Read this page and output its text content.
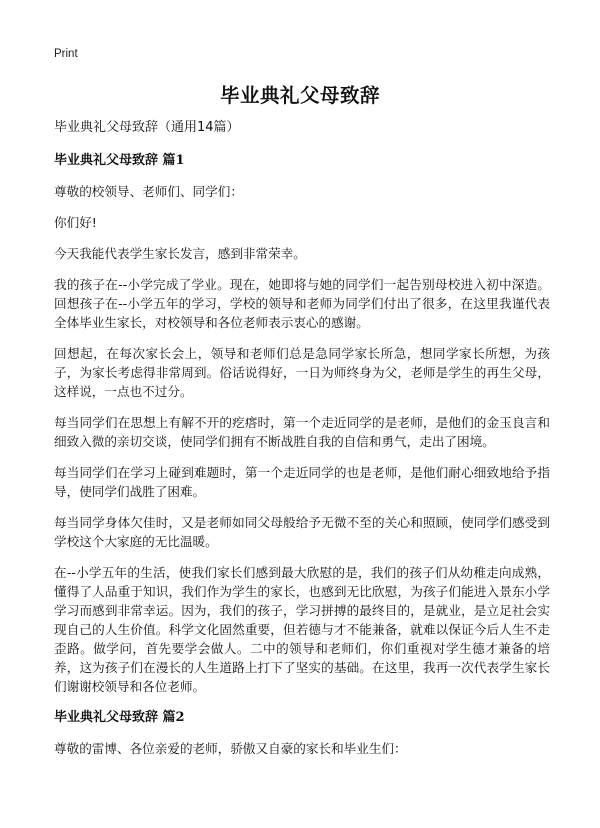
Print
毕业典礼父母致辞
毕业典礼父母致辞（通用14篇）
毕业典礼父母致辞 篇1

尊敬的校领导、老师们、同学们：

你们好!

今天我能代表学生家长发言，感到非常荣幸。

我的孩子在--小学完成了学业。现在，她即将与她的同学们一起告别母校进入初中深造。回想孩子在--小学五年的学习，学校的领导和老师为同学们付出了很多，在这里我谨代表全体毕业生家长，对校领导和各位老师表示衷心的感谢。

回想起，在每次家长会上，领导和老师们总是急同学家长所急，想同学家长所想，为孩子，为家长考虑得非常周到。俗话说得好，一日为师终身为父，老师是学生的再生父母，这样说，一点也不过分。

每当同学们在思想上有解不开的疙瘩时，第一个走近同学的是老师，是他们的金玉良言和细致入微的亲切交谈，使同学们拥有不断战胜自我的自信和勇气，走出了困境。

每当同学们在学习上碰到难题时，第一个走近同学的也是老师，是他们耐心细致地给予指导，使同学们战胜了困难。

每当同学身体欠佳时，又是老师如同父母般给予无微不至的关心和照顾，使同学们感受到学校这个大家庭的无比温暖。

在--小学五年的生活，使我们家长们感到最大欣慰的是，我们的孩子们从幼稚走向成熟，懂得了人品重于知识，我们作为学生的家长，也感到无比欣慰，为孩子们能进入景东小学学习而感到非常幸运。因为，我们的孩子，学习拼搏的最终目的，是就业，是立足社会实现自己的人生价值。科学文化固然重要，但若德与才不能兼备，就难以保证今后人生不走歪路。做学问，首先要学会做人。二中的领导和老师们，你们重视对学生德才兼备的培养，这为孩子们在漫长的人生道路上打下了坚实的基础。在这里，我再一次代表学生家长们谢谢校领导和各位老师。

毕业典礼父母致辞 篇2

尊敬的雷博、各位亲爱的老师，骄傲又自豪的家长和毕业生们：
